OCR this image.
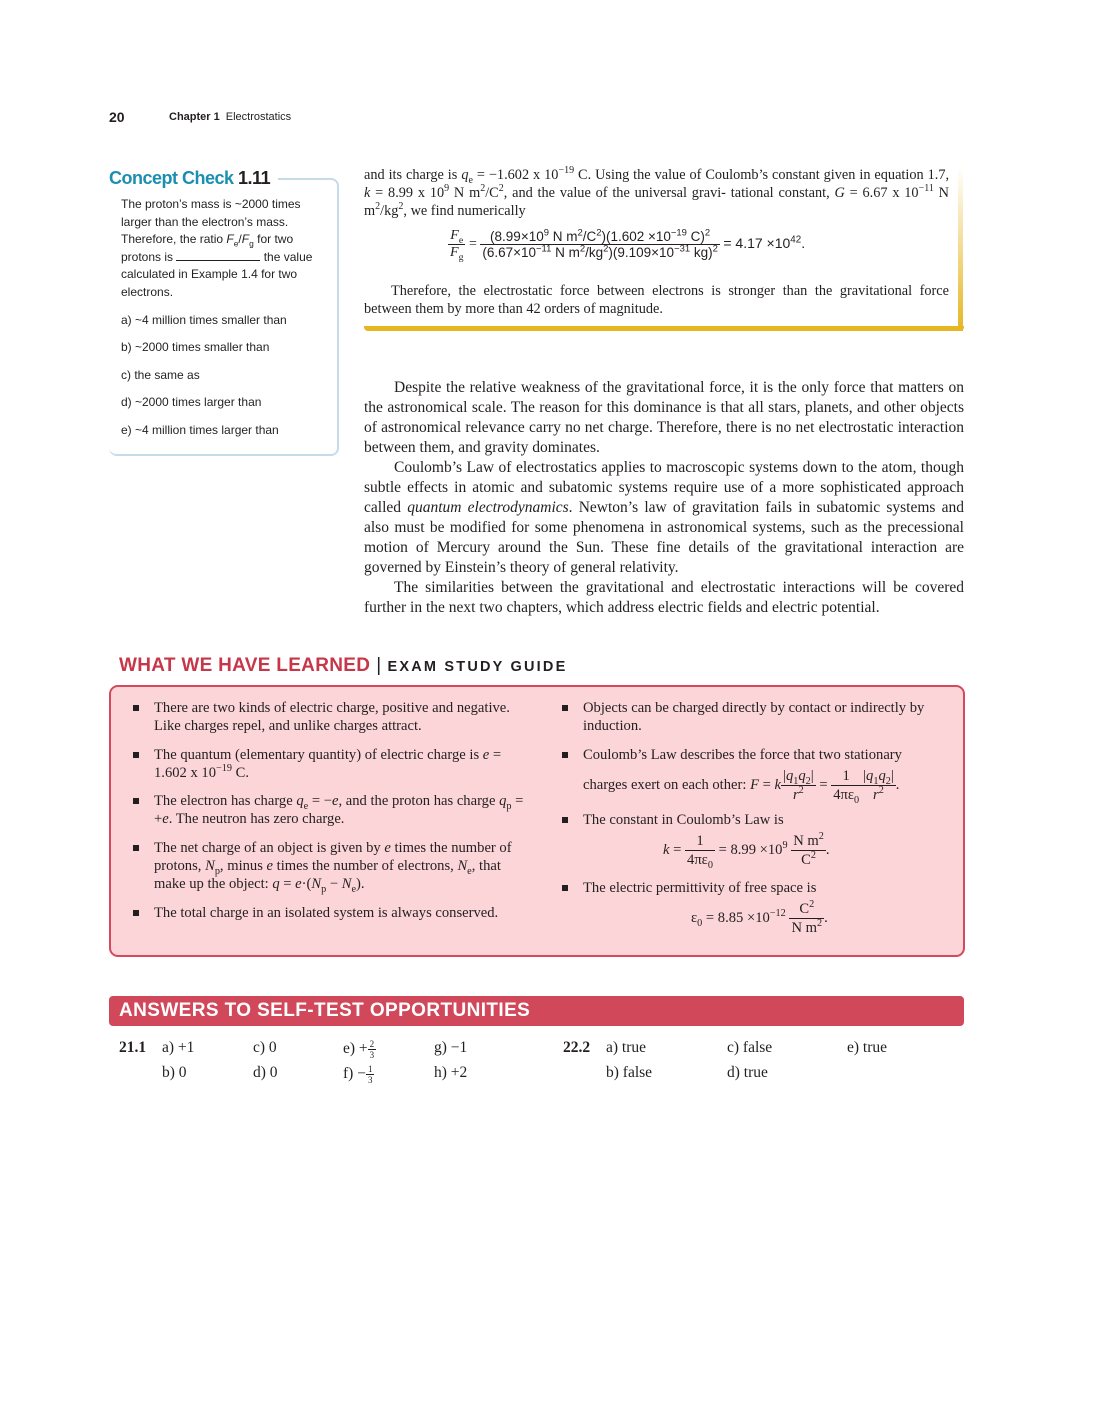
20	Chapter 1 Electrostatics
Concept Check 1.11
The proton’s mass is ~2000 times larger than the electron’s mass. Therefore, the ratio $F_e/F_g$ for two protons is	the value calculated in Example 1.4 for two electrons.
a) ~4 million times smaller than
b) ~2000 times smaller than
c) the same as
d) ~2000 times larger than
e) ~4 million times larger than
and its charge is $q_e = -1.602$ x $10^{-19}$ C. Using the value of Coulomb’s constant given in equation 1.7, k = 8.99 x $10^9$ N $m^2/C^2$, and the value of the universal gravi- tational constant, G = 6.67 x $10^{-11}$ N $m^2/kg^2$, we find numerically
$\frac{F_e}{F_g} = \frac{(8.99\times 10^9 N m^2/C^2)(1.602 \times 10^{-19} C)^2}{(6.67\times 10^{-11} N m^2/kg^2)(9.109\times 10^{-31} kg)^2} = 4.17 \times 10^{42}$.
Therefore, the electrostatic force between electrons is stronger than the gravitational force between them by more than 42 orders of magnitude.

Despite the relative weakness of the gravitational force, it is the only force that matters on the astronomical scale. The reason for this dominance is that all stars, planets, and other objects of astronomical relevance carry no net charge. Therefore, there is no net electrostatic interaction between them, and gravity dominates.

Coulomb’s Law of electrostatics applies to macroscopic systems down to the atom, though subtle effects in atomic and subatomic systems require use of a more sophisticated approach called quantum electrodynamics. Newton’s law of gravitation fails in subatomic systems and also must be modified for some phenomena in astronomical systems, such as the precessional motion of Mercury around the Sun. These fine details of the gravitational interaction are governed by Einstein’s theory of general relativity.

The similarities between the gravitational and electrostatic interactions will be covered further in the next two chapters, which address electric fields and electric potential.

WHAT WE HAVE LEARNED | EXAM STUDY GUIDE
There are two kinds of electric charge, positive and negative. Like charges repel, and unlike charges attract.
The quantum (elementary quantity) of electric charge is e = 1.602 x $10^{-19}$ C.
The electron has charge $q_e = -e$, and the proton has charge $q_p = +e$. The neutron has zero charge.
The net charge of an object is given by e times the number of protons, $N_p$, minus e times the number of electrons, $N_e$, that make up the object: $q = e\cdot(N_p - N_e)$.
The total charge in an isolated system is always conserved.
Objects can be charged directly by contact or indirectly by induction.
Coulomb’s Law describes the force that two stationary
charges exert on each other: F = k $\frac{|q_1q_2|}{r^2} = \frac{1}{4\pi\varepsilon_0} \frac{|q_1q_2|}{r^2}$ .
The constant in Coulomb’s Law is
$k = \frac{1}{4\pi\varepsilon_0} = 8.99 \times 10^9 \frac{N m^2}{C^2}$ .
The electric permittivity of free space is
$\varepsilon_0 = 8.85 \times 10^{-12} \frac{C^2}{N m^2}$ .
ANSWERS TO SELF-TEST OPPORTUNITIES
21.1 a) +1
b) 0
c) 0
d) 0
$e) + \frac{2}{3}$
$f) - \frac{1}{3}$
g) −1
h) +2
22.2 a) true
b) false
c) false
d) true
e) true
